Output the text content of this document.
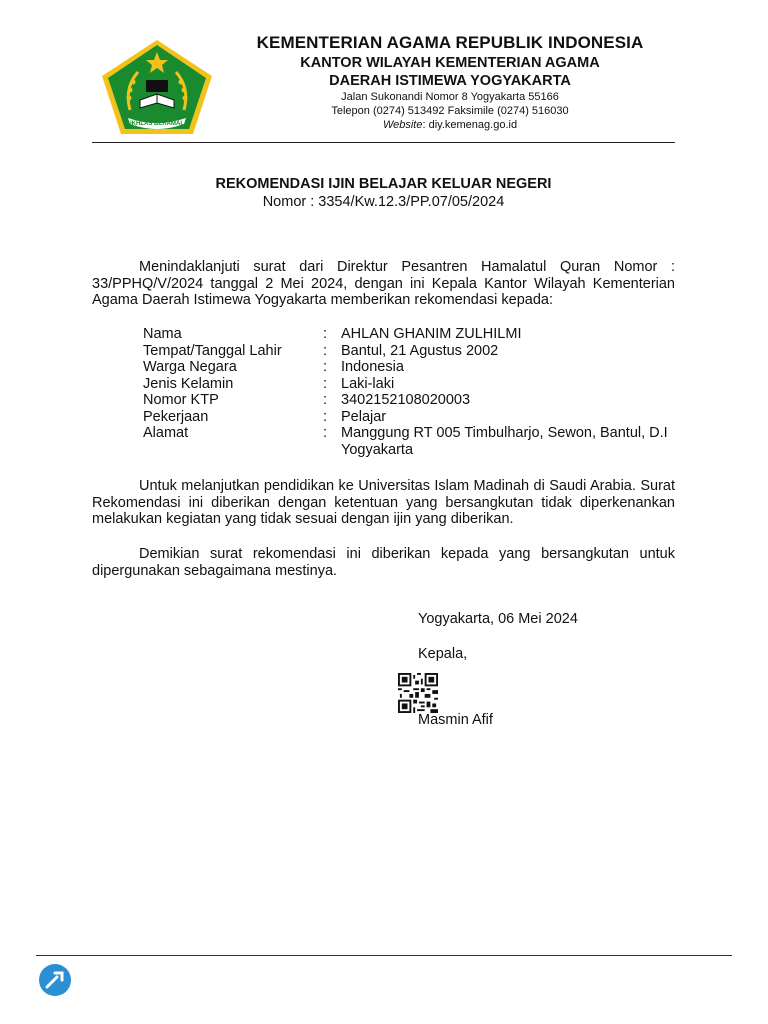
IKHLAS BERAMAL
KEMENTERIAN AGAMA REPUBLIK INDONESIA
KANTOR WILAYAH KEMENTERIAN AGAMA
DAERAH ISTIMEWA YOGYAKARTA
Jalan Sukonandi Nomor 8 Yogyakarta 55166
Telepon (0274) 513492 Faksimile (0274) 516030
Website: diy.kemenag.go.id
REKOMENDASI IJIN BELAJAR KELUAR NEGERI
Nomor : 3354/Kw.12.3/PP.07/05/2024
Menindaklanjuti surat dari Direktur Pesantren Hamalatul Quran Nomor : 33/PPHQ/V/2024 tanggal 2 Mei 2024, dengan ini Kepala Kantor Wilayah Kementerian Agama Daerah Istimewa Yogyakarta memberikan rekomendasi kepada:
Nama	: AHLAN GHANIM ZULHILMI
Tempat/Tanggal Lahir	: Bantul, 21 Agustus 2002
Warga Negara	: Indonesia
Jenis Kelamin	: Laki-laki
Nomor KTP	: 3402152108020003
Pekerjaan	: Pelajar
Alamat	: Manggung RT 005 Timbulharjo, Sewon, Bantul, D.I Yogyakarta
Untuk melanjutkan pendidikan ke Universitas Islam Madinah di Saudi Arabia. Surat Rekomendasi ini diberikan dengan ketentuan yang bersangkutan tidak diperkenankan melakukan kegiatan yang tidak sesuai dengan ijin yang diberikan.
Demikian surat rekomendasi ini diberikan kepada yang bersangkutan untuk dipergunakan sebagaimana mestinya.
Yogyakarta, 06 Mei 2024
Kepala,
Masmin Afif
